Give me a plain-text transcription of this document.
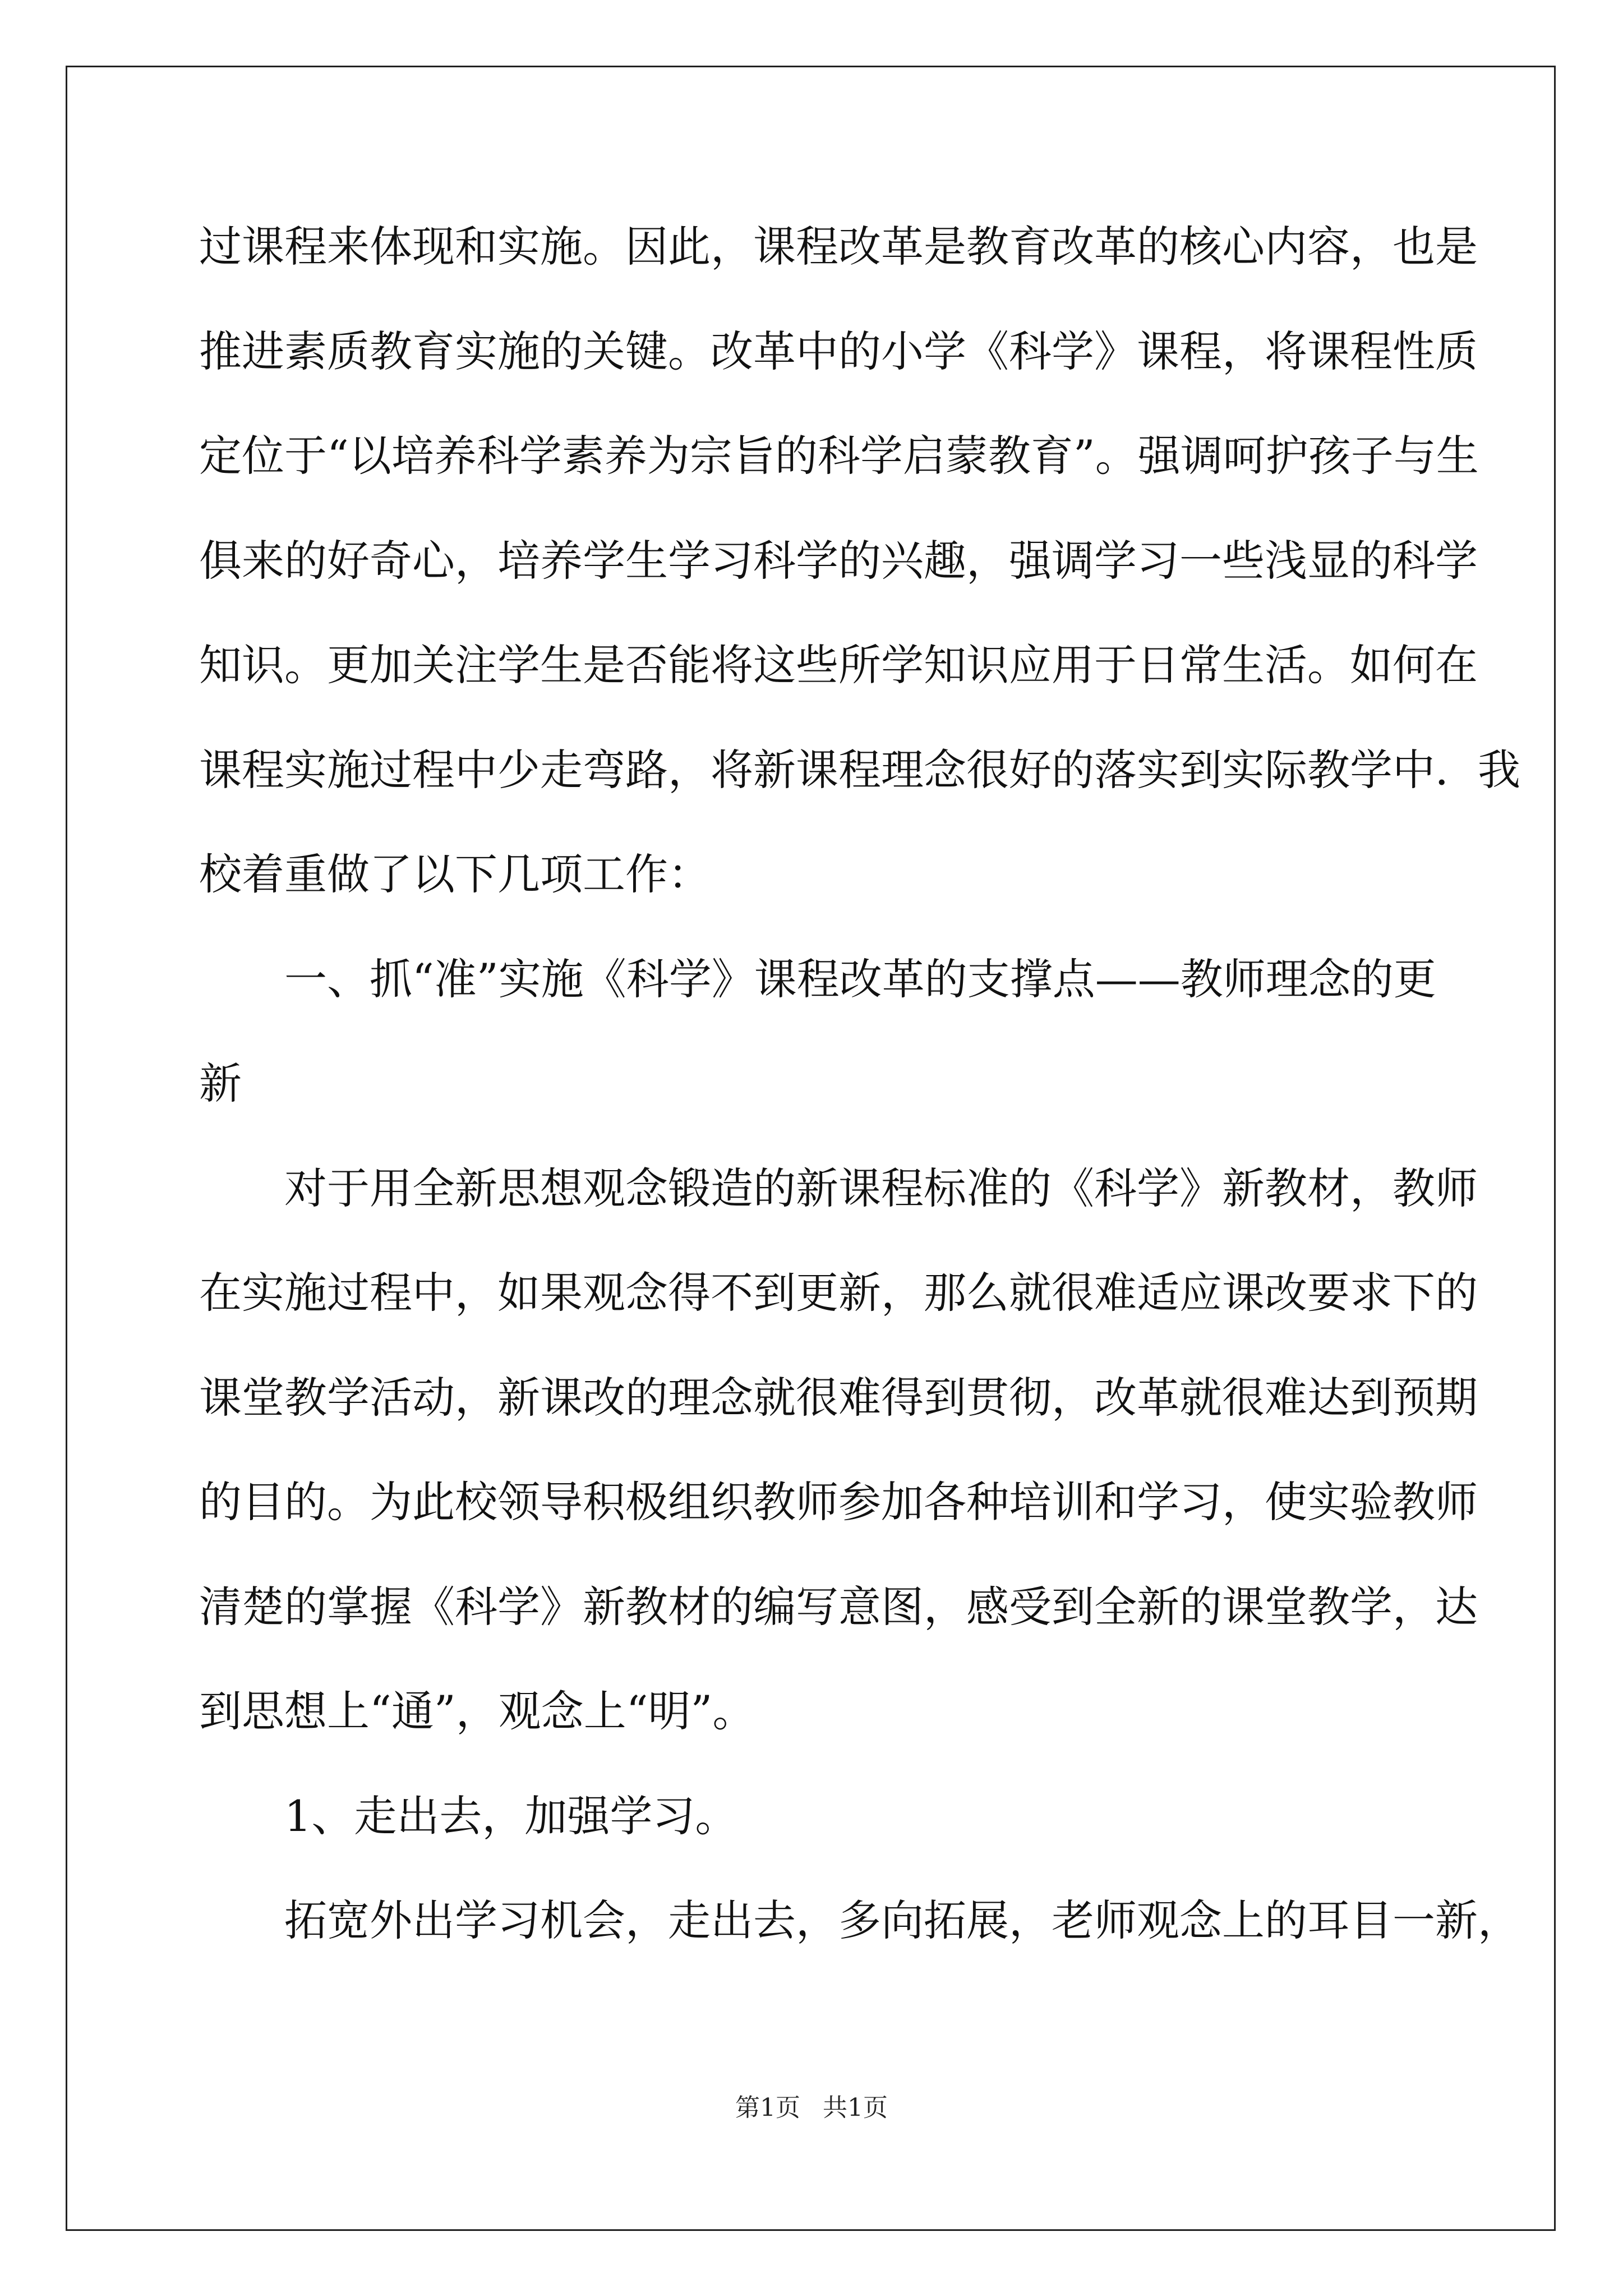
过课程来体现和实施。因此，课程改革是教育改革的核心内容，也是
推进素质教育实施的关键。改革中的小学《科学》课程，将课程性质
定位于“以培养科学素养为宗旨的科学启蒙教育”。强调呵护孩子与生
俱来的好奇心，培养学生学习科学的兴趣，强调学习一些浅显的科学
知识。更加关注学生是否能将这些所学知识应用于日常生活。如何在
课程实施过程中少走弯路，将新课程理念很好的落实到实际教学中．我
校着重做了以下几项工作：
一、抓“准”实施《科学》课程改革的支撑点——教师理念的更
新
对于用全新思想观念锻造的新课程标准的《科学》新教材，教师
在实施过程中，如果观念得不到更新，那么就很难适应课改要求下的
课堂教学活动，新课改的理念就很难得到贯彻，改革就很难达到预期
的目的。为此校领导积极组织教师参加各种培训和学习，使实验教师
清楚的掌握《科学》新教材的编写意图，感受到全新的课堂教学，达
到思想上“通”，观念上“明”。
1、走出去，加强学习。
拓宽外出学习机会，走出去，多向拓展，老师观念上的耳目一新，
第1页 共1页
